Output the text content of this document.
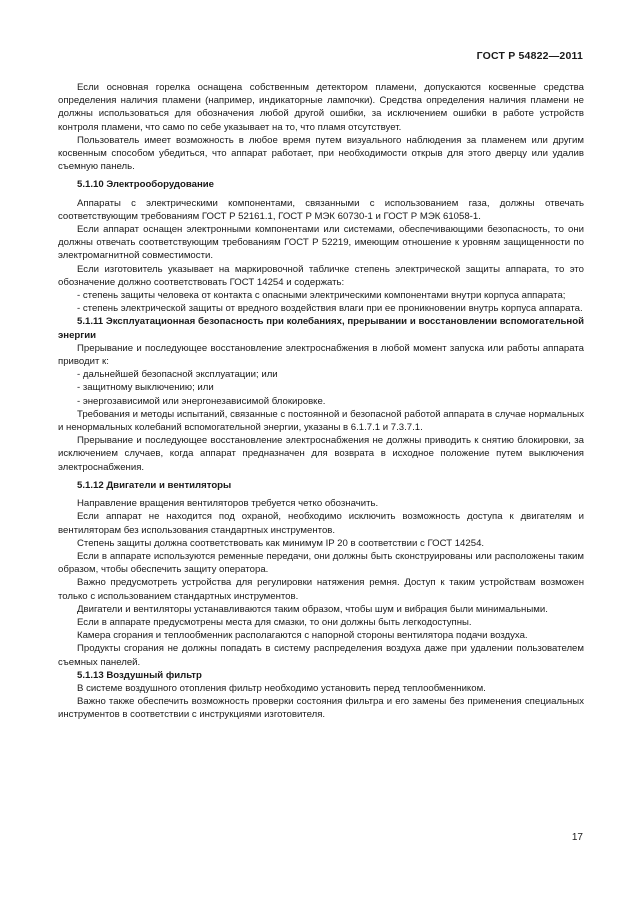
ГОСТ Р 54822—2011

Если основная горелка оснащена собственным детектором пламени, допускаются косвенные средства определения наличия пламени (например, индикаторные лампочки). Средства определения наличия пламени не должны использоваться для обозначения любой другой ошибки, за исключением ошибки в работе устройств контроля пламени, что само по себе указывает на то, что пламя отсутствует.

Пользователь имеет возможность в любое время путем визуального наблюдения за пламенем или другим косвенным способом убедиться, что аппарат работает, при необходимости открыв для этого дверцу или удалив съемную панель.

5.1.10 Электрооборудование

Аппараты с электрическими компонентами, связанными с использованием газа, должны отвечать соответствующим требованиям ГОСТ Р 52161.1, ГОСТ Р МЭК 60730-1 и ГОСТ Р МЭК 61058-1.

Если аппарат оснащен электронными компонентами или системами, обеспечивающими безопасность, то они должны отвечать соответствующим требованиям ГОСТ Р 52219, имеющим отношение к уровням защищенности по электромагнитной совместимости.

Если изготовитель указывает на маркировочной табличке степень электрической защиты аппарата, то это обозначение должно соответствовать ГОСТ 14254 и содержать:

- степень защиты человека от контакта с опасными электрическими компонентами внутри корпуса аппарата;

- степень электрической защиты от вредного воздействия влаги при ее проникновении внутрь корпуса аппарата.

5.1.11 Эксплуатационная безопасность при колебаниях, прерывании и восстановлении вспомогательной энергии

Прерывание и последующее восстановление электроснабжения в любой момент запуска или работы аппарата приводит к:

- дальнейшей безопасной эксплуатации; или

- защитному выключению; или

- энергозависимой или энергонезависимой блокировке.

Требования и методы испытаний, связанные с постоянной и безопасной работой аппарата в случае нормальных и ненормальных колебаний вспомогательной энергии, указаны в 6.1.7.1 и 7.3.7.1.

Прерывание и последующее восстановление электроснабжения не должны приводить к снятию блокировки, за исключением случаев, когда аппарат предназначен для возврата в исходное положение путем выключения электроснабжения.

5.1.12 Двигатели и вентиляторы

Направление вращения вентиляторов требуется четко обозначить.

Если аппарат не находится под охраной, необходимо исключить возможность доступа к двигателям и вентиляторам без использования стандартных инструментов.

Степень защиты должна соответствовать как минимум IP 20 в соответствии с ГОСТ 14254.

Если в аппарате используются ременные передачи, они должны быть сконструированы или расположены таким образом, чтобы обеспечить защиту оператора.

Важно предусмотреть устройства для регулировки натяжения ремня. Доступ к таким устройствам возможен только с использованием стандартных инструментов.

Двигатели и вентиляторы устанавливаются таким образом, чтобы шум и вибрация были минимальными.

Если в аппарате предусмотрены места для смазки, то они должны быть легкодоступны.

Камера сгорания и теплообменник располагаются с напорной стороны вентилятора подачи воздуха.

Продукты сгорания не должны попадать в систему распределения воздуха даже при удалении пользователем съемных панелей.

5.1.13 Воздушный фильтр

В системе воздушного отопления фильтр необходимо установить перед теплообменником.

Важно также обеспечить возможность проверки состояния фильтра и его замены без применения специальных инструментов в соответствии с инструкциями изготовителя.

17
